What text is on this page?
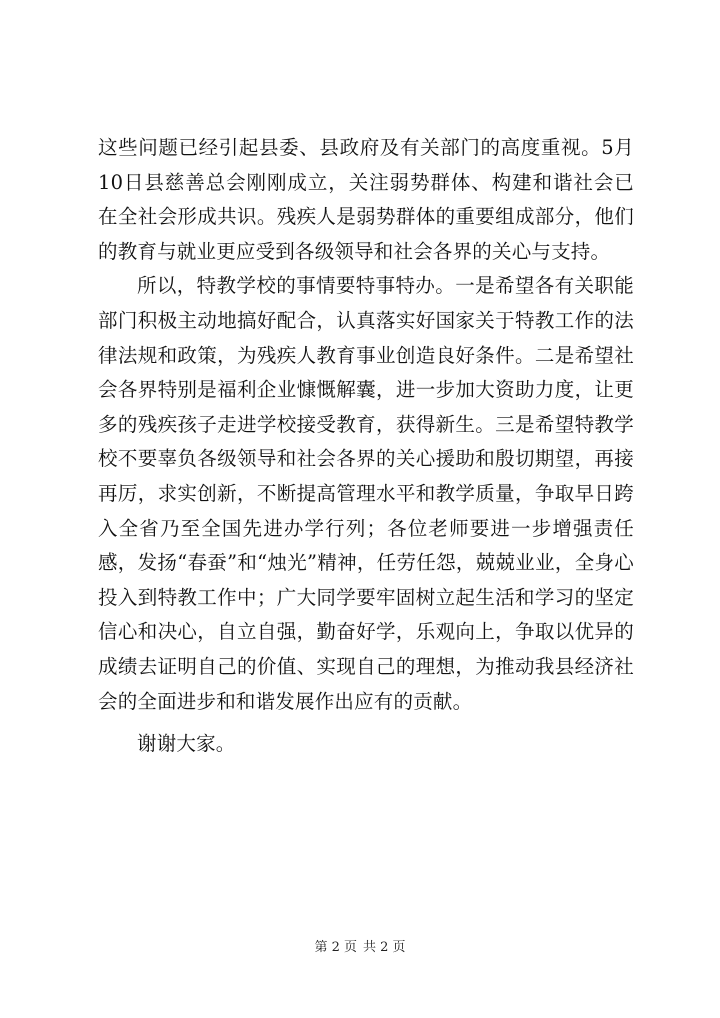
这些问题已经引起县委、县政府及有关部门的高度重视。5月10日县慈善总会刚刚成立，关注弱势群体、构建和谐社会已在全社会形成共识。残疾人是弱势群体的重要组成部分，他们的教育与就业更应受到各级领导和社会各界的关心与支持。

所以，特教学校的事情要特事特办。一是希望各有关职能部门积极主动地搞好配合，认真落实好国家关于特教工作的法律法规和政策，为残疾人教育事业创造良好条件。二是希望社会各界特别是福利企业慷慨解囊，进一步加大资助力度，让更多的残疾孩子走进学校接受教育，获得新生。三是希望特教学校不要辜负各级领导和社会各界的关心援助和殷切期望，再接再厉，求实创新，不断提高管理水平和教学质量，争取早日跨入全省乃至全国先进办学行列；各位老师要进一步增强责任感，发扬“春蚕”和“烛光”精神，任劳任怨，兢兢业业，全身心投入到特教工作中；广大同学要牢固树立起生活和学习的坚定信心和决心，自立自强，勤奋好学，乐观向上，争取以优异的成绩去证明自己的价值、实现自己的理想，为推动我县经济社会的全面进步和和谐发展作出应有的贡献。

谢谢大家。

第 2 页 共 2 页
